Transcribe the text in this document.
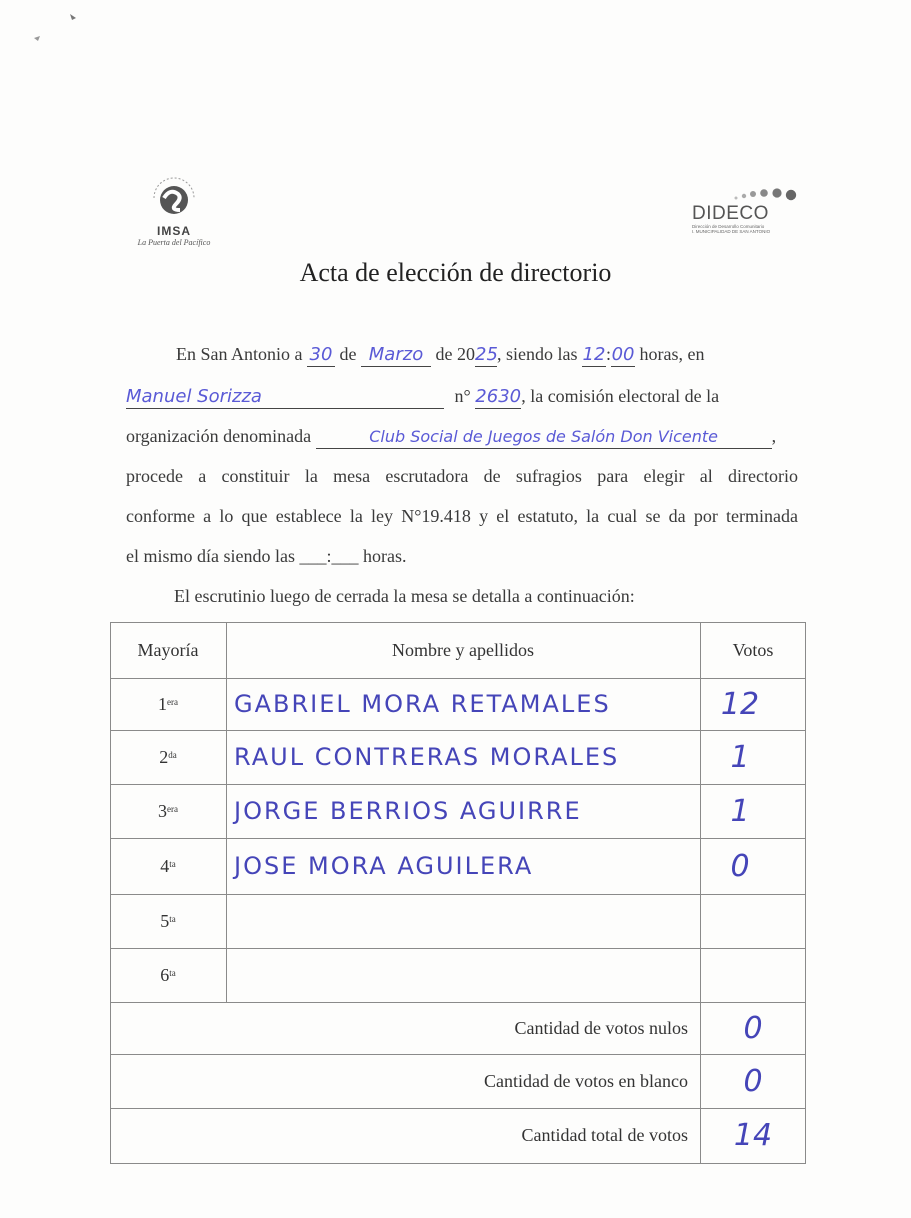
IMSA
La Puerta del Pacífico
DIDECO
Dirección de Desarrollo Comunitario
I. MUNICIPALIDAD DE SAN ANTONIO
Acta de elección de directorio
En San Antonio a 30 de Marzo de 2025, siendo las 12:00 horas, en
Manuel Sorizza	n° 2630, la comisión electoral de la
organización denominada	Club Social de Juegos de Salón Don Vicente	,
procede a constituir la mesa escrutadora de sufragios para elegir al directorio
conforme a lo que establece la ley N°19.418 y el estatuto, la cual se da por terminada
el mismo día siendo las ___:___ horas.
El escrutinio luego de cerrada la mesa se detalla a continuación:
Mayoría	Nombre y apellidos	Votos
$1^{era}$	GABRIEL MORA RETAMALES	12
$2^{da}$	RAUL CONTRERAS MORALES	1
$3^{era}$	JORGE BERRIOS AGUIRRE	1
$4^{ta}$	JOSE MORA AGUILERA	0
$5^{ta}$
$6^{ta}$
Cantidad de votos nulos	0
Cantidad de votos en blanco	0
Cantidad total de votos	14
